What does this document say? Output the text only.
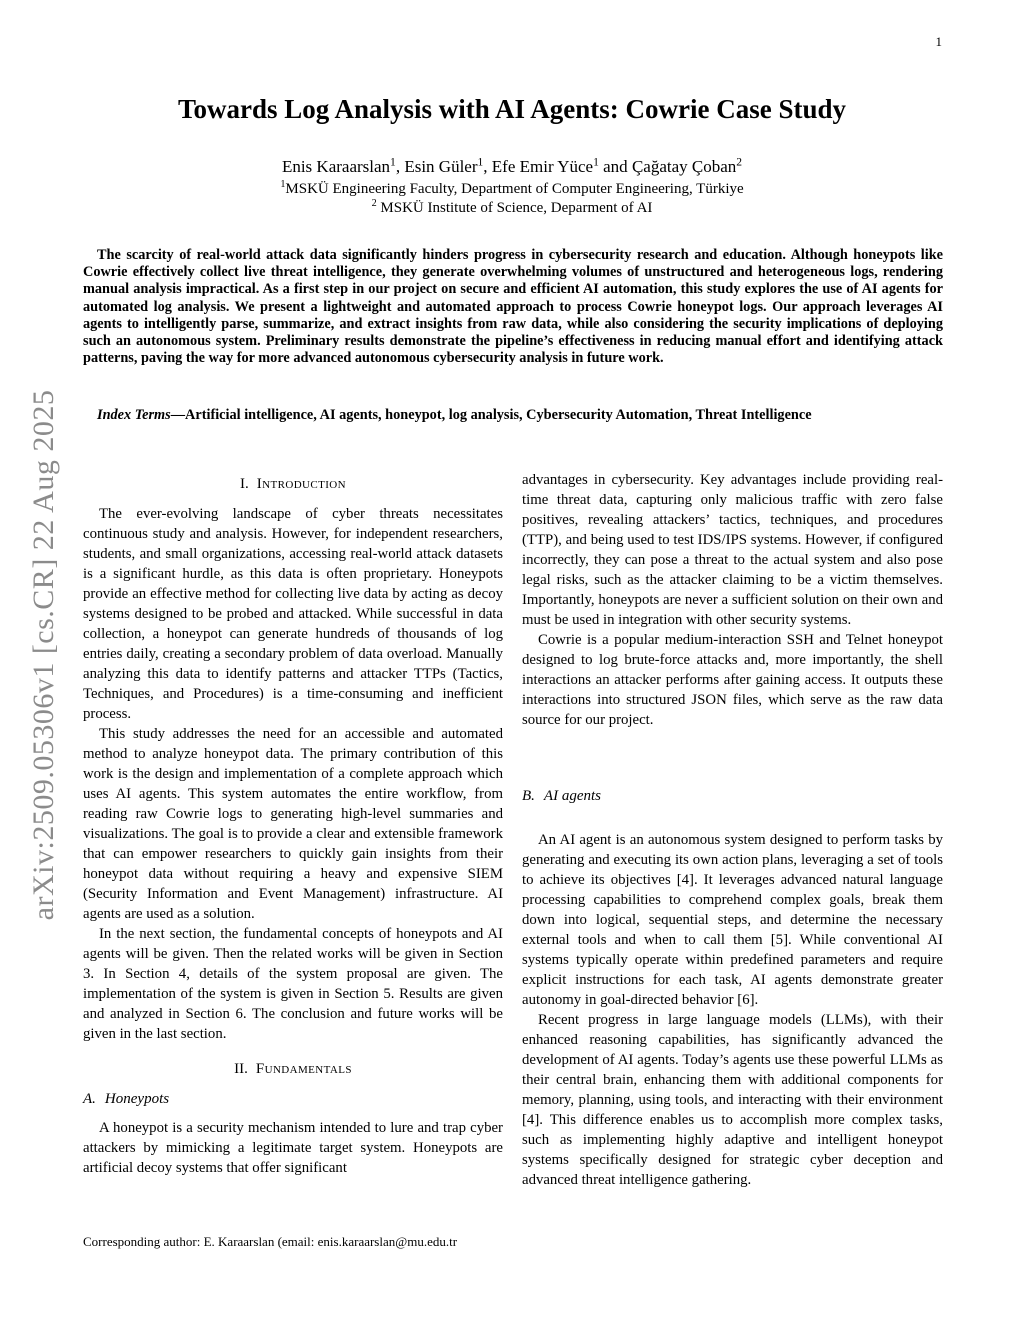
1
arXiv:2509.05306v1 [cs.CR] 22 Aug 2025
Towards Log Analysis with AI Agents: Cowrie Case Study
Enis Karaarslan$^1$, Esin Güler$^1$, Efe Emir Yüce$^1$ and Çağatay Çoban$^2$
$^1$MSKÜ Engineering Faculty, Department of Computer Engineering, Türkiye
$^2$ MSKÜ Institute of Science, Deparment of AI

The scarcity of real-world attack data significantly hinders progress in cybersecurity research and education. Although honeypots like Cowrie effectively collect live threat intelligence, they generate overwhelming volumes of unstructured and heterogeneous logs, rendering manual analysis impractical. As a first step in our project on secure and efficient AI automation, this study explores the use of AI agents for automated log analysis. We present a lightweight and automated approach to process Cowrie honeypot logs. Our approach leverages AI agents to intelligently parse, summarize, and extract insights from raw data, while also considering the security implications of deploying such an autonomous system. Preliminary results demonstrate the pipeline’s effectiveness in reducing manual effort and identifying attack patterns, paving the way for more advanced autonomous cybersecurity analysis in future work.

Index Terms—Artificial intelligence, AI agents, honeypot, log analysis, Cybersecurity Automation, Threat Intelligence
I. Introduction

The ever-evolving landscape of cyber threats necessitates continuous study and analysis. However, for independent researchers, students, and small organizations, accessing real-world attack datasets is a significant hurdle, as this data is often proprietary. Honeypots provide an effective method for collecting live data by acting as decoy systems designed to be probed and attacked. While successful in data collection, a honeypot can generate hundreds of thousands of log entries daily, creating a secondary problem of data overload. Manually analyzing this data to identify patterns and attacker TTPs (Tactics, Techniques, and Procedures) is a time-consuming and inefficient process.

This study addresses the need for an accessible and automated method to analyze honeypot data. The primary contribution of this work is the design and implementation of a complete approach which uses AI agents. This system automates the entire workflow, from reading raw Cowrie logs to generating high-level summaries and visualizations. The goal is to provide a clear and extensible framework that can empower researchers to quickly gain insights from their honeypot data without requiring a heavy and expensive SIEM (Security Information and Event Management) infrastructure. AI agents are used as a solution.

In the next section, the fundamental concepts of honeypots and AI agents will be given. Then the related works will be given in Section 3. In Section 4, details of the system proposal are given. The implementation of the system is given in Section 5. Results are given and analyzed in Section 6. The conclusion and future works will be given in the last section.

II. Fundamentals
A. Honeypots

A honeypot is a security mechanism intended to lure and trap cyber attackers by mimicking a legitimate target system. Honeypots are artificial decoy systems that offer significant

advantages in cybersecurity. Key advantages include providing real-time threat data, capturing only malicious traffic with zero false positives, revealing attackers’ tactics, techniques, and procedures (TTP), and being used to test IDS/IPS systems. However, if configured incorrectly, they can pose a threat to the actual system and also pose legal risks, such as the attacker claiming to be a victim themselves. Importantly, honeypots are never a sufficient solution on their own and must be used in integration with other security systems.

Cowrie is a popular medium-interaction SSH and Telnet honeypot designed to log brute-force attacks and, more importantly, the shell interactions an attacker performs after gaining access. It outputs these interactions into structured JSON files, which serve as the raw data source for our project.

B. AI agents

An AI agent is an autonomous system designed to perform tasks by generating and executing its own action plans, leveraging a set of tools to achieve its objectives [4]. It leverages advanced natural language processing capabilities to comprehend complex goals, break them down into logical, sequential steps, and determine the necessary external tools and when to call them [5]. While conventional AI systems typically operate within predefined parameters and require explicit instructions for each task, AI agents demonstrate greater autonomy in goal-directed behavior [6].

Recent progress in large language models (LLMs), with their enhanced reasoning capabilities, has significantly advanced the development of AI agents. Today’s agents use these powerful LLMs as their central brain, enhancing them with additional components for memory, planning, using tools, and interacting with their environment [4]. This difference enables us to accomplish more complex tasks, such as implementing highly adaptive and intelligent honeypot systems specifically designed for strategic cyber deception and advanced threat intelligence gathering.

Corresponding author: E. Karaarslan (email: enis.karaarslan@mu.edu.tr
